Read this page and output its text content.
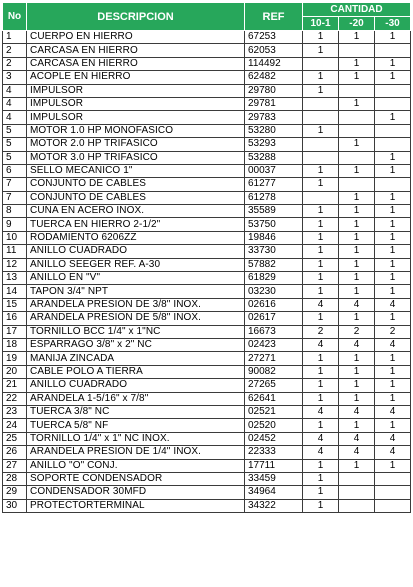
No	DESCRIPCION	REF	CANTIDAD		
			10-1	-20	-30
1	CUERPO EN HIERRO	67253	1	1	1
2	CARCASA EN HIERRO	62053	1		
2	CARCASA EN HIERRO	114492		1	1
3	ACOPLE EN HIERRO	62482	1	1	1
4	IMPULSOR	29780	1		
4	IMPULSOR	29781		1	
4	IMPULSOR	29783			1
5	MOTOR 1.0 HP MONOFASICO	53280	1		
5	MOTOR 2.0 HP TRIFASICO	53293		1	
5	MOTOR 3.0 HP TRIFASICO	53288			1
6	SELLO MECANICO 1"	00037	1	1	1
7	CONJUNTO DE CABLES	61277	1		
7	CONJUNTO DE CABLES	61278		1	1
8	CUÑA EN ACERO INOX.	35589	1	1	1
9	TUERCA EN HIERRO 2-1/2"	53750	1	1	1
10	RODAMIENTO 6206ZZ	19846	1	1	1
11	ANILLO CUADRADO	33730	1	1	1
12	ANILLO SEEGER REF. A-30	57882	1	1	1
13	ANILLO EN "V"	61829	1	1	1
14	TAPON 3/4" NPT	03230	1	1	1
15	ARANDELA PRESION DE 3/8" INOX.	02616	4	4	4
16	ARANDELA PRESION DE 5/8" INOX.	02617	1	1	1
17	TORNILLO BCC 1/4" x 1"NC	16673	2	2	2
18	ESPARRAGO 3/8" x 2" NC	02423	4	4	4
19	MANIJA ZINCADA	27271	1	1	1
20	CABLE POLO A TIERRA	90082	1	1	1
21	ANILLO CUADRADO	27265	1	1	1
22	ARANDELA 1-5/16" x 7/8"	62641	1	1	1
23	TUERCA 3/8" NC	02521	4	4	4
24	TUERCA 5/8" NF	02520	1	1	1
25	TORNILLO 1/4" x 1" NC INOX.	02452	4	4	4
26	ARANDELA PRESION DE 1/4" INOX.	22333	4	4	4
27	ANILLO "O" CONJ.	17711	1	1	1
28	SOPORTE CONDENSADOR	33459	1		
29	CONDENSADOR 30MFD	34964	1		
30	PROTECTORTERMINAL	34322	1		
